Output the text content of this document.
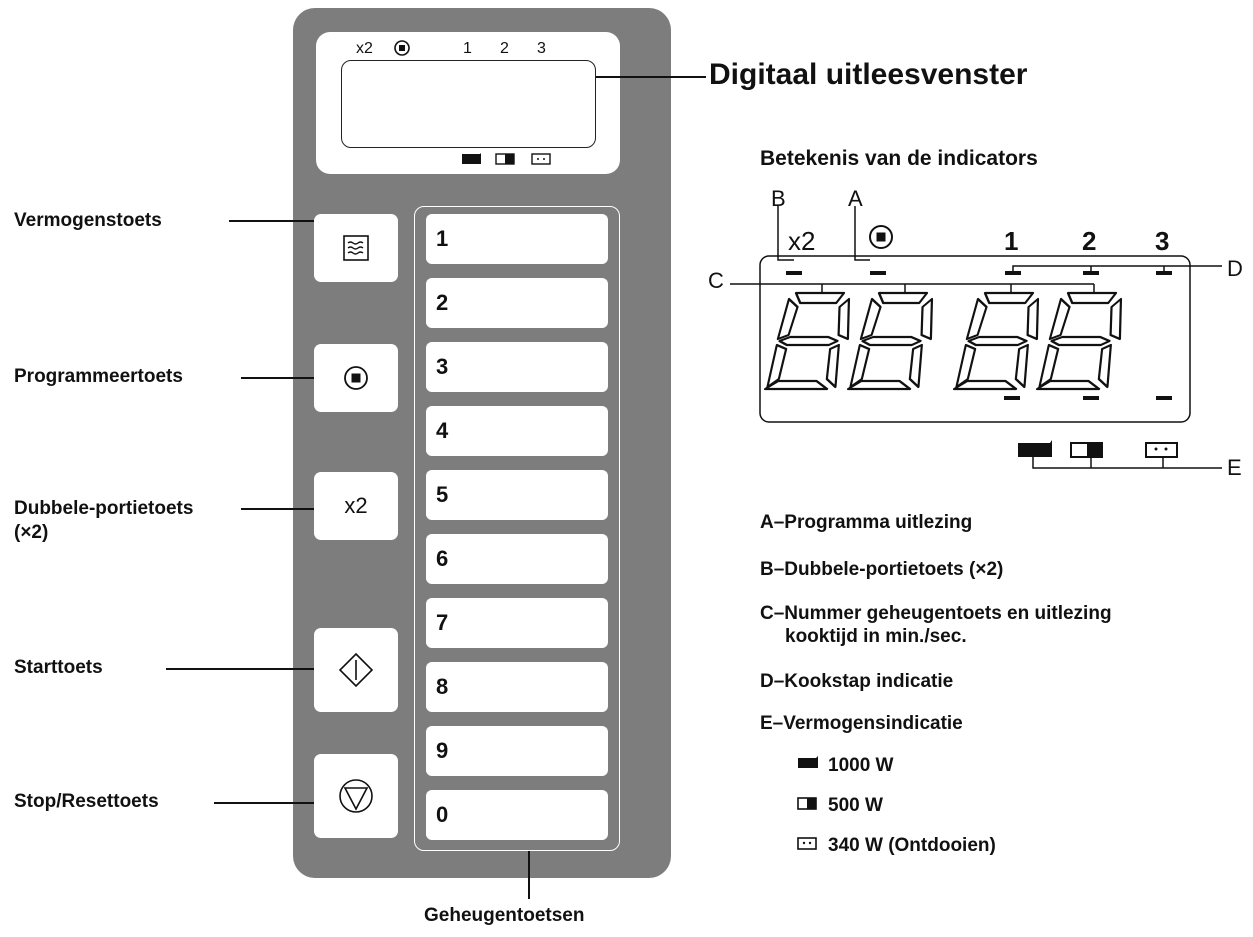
x2	1 2 3
x2
1
2
3
4
5
6
7
8
9
0
Vermogenstoets
Programmeertoets
Dubbele-portietoets
(×2)
Starttoets
Stop/Resettoets
Geheugentoetsen
Digitaal uitleesvenster
Betekenis van de indicators
B	A
x2	1 2 3
C	D
E
A–Programma uitlezing
B–Dubbele-portietoets (×2)
C–Nummer geheugentoets en uitlezing
kooktijd in min./sec.
D–Kookstap indicatie
E–Vermogensindicatie
1000 W
500 W
340 W (Ontdooien)
